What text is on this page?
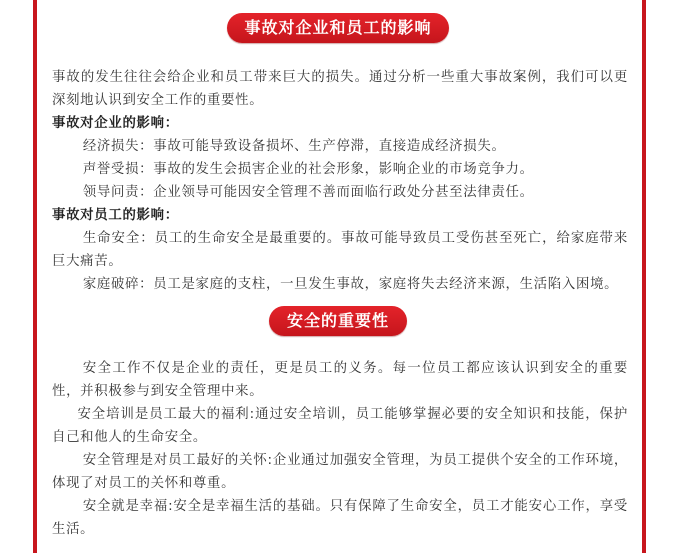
事故对企业和员工的影响

事故的发生往往会给企业和员工带来巨大的损失。通过分析一些重大事故案例，我们可以更深刻地认识到安全工作的重要性。

事故对企业的影响：

经济损失：事故可能导致设备损坏、生产停滞，直接造成经济损失。

声誉受损：事故的发生会损害企业的社会形象，影响企业的市场竞争力。

领导问责：企业领导可能因安全管理不善而面临行政处分甚至法律责任。

事故对员工的影响：

生命安全：员工的生命安全是最重要的。事故可能导致员工受伤甚至死亡，给家庭带来巨大痛苦。

家庭破碎：员工是家庭的支柱，一旦发生事故，家庭将失去经济来源，生活陷入困境。

安全的重要性

安全工作不仅是企业的责任，更是员工的义务。每一位员工都应该认识到安全的重要性，并积极参与到安全管理中来。

安全培训是员工最大的福利:通过安全培训，员工能够掌握必要的安全知识和技能，保护自己和他人的生命安全。

安全管理是对员工最好的关怀:企业通过加强安全管理，为员工提供个安全的工作环境，体现了对员工的关怀和尊重。

安全就是幸福:安全是幸福生活的基础。只有保障了生命安全，员工才能安心工作，享受生活。
